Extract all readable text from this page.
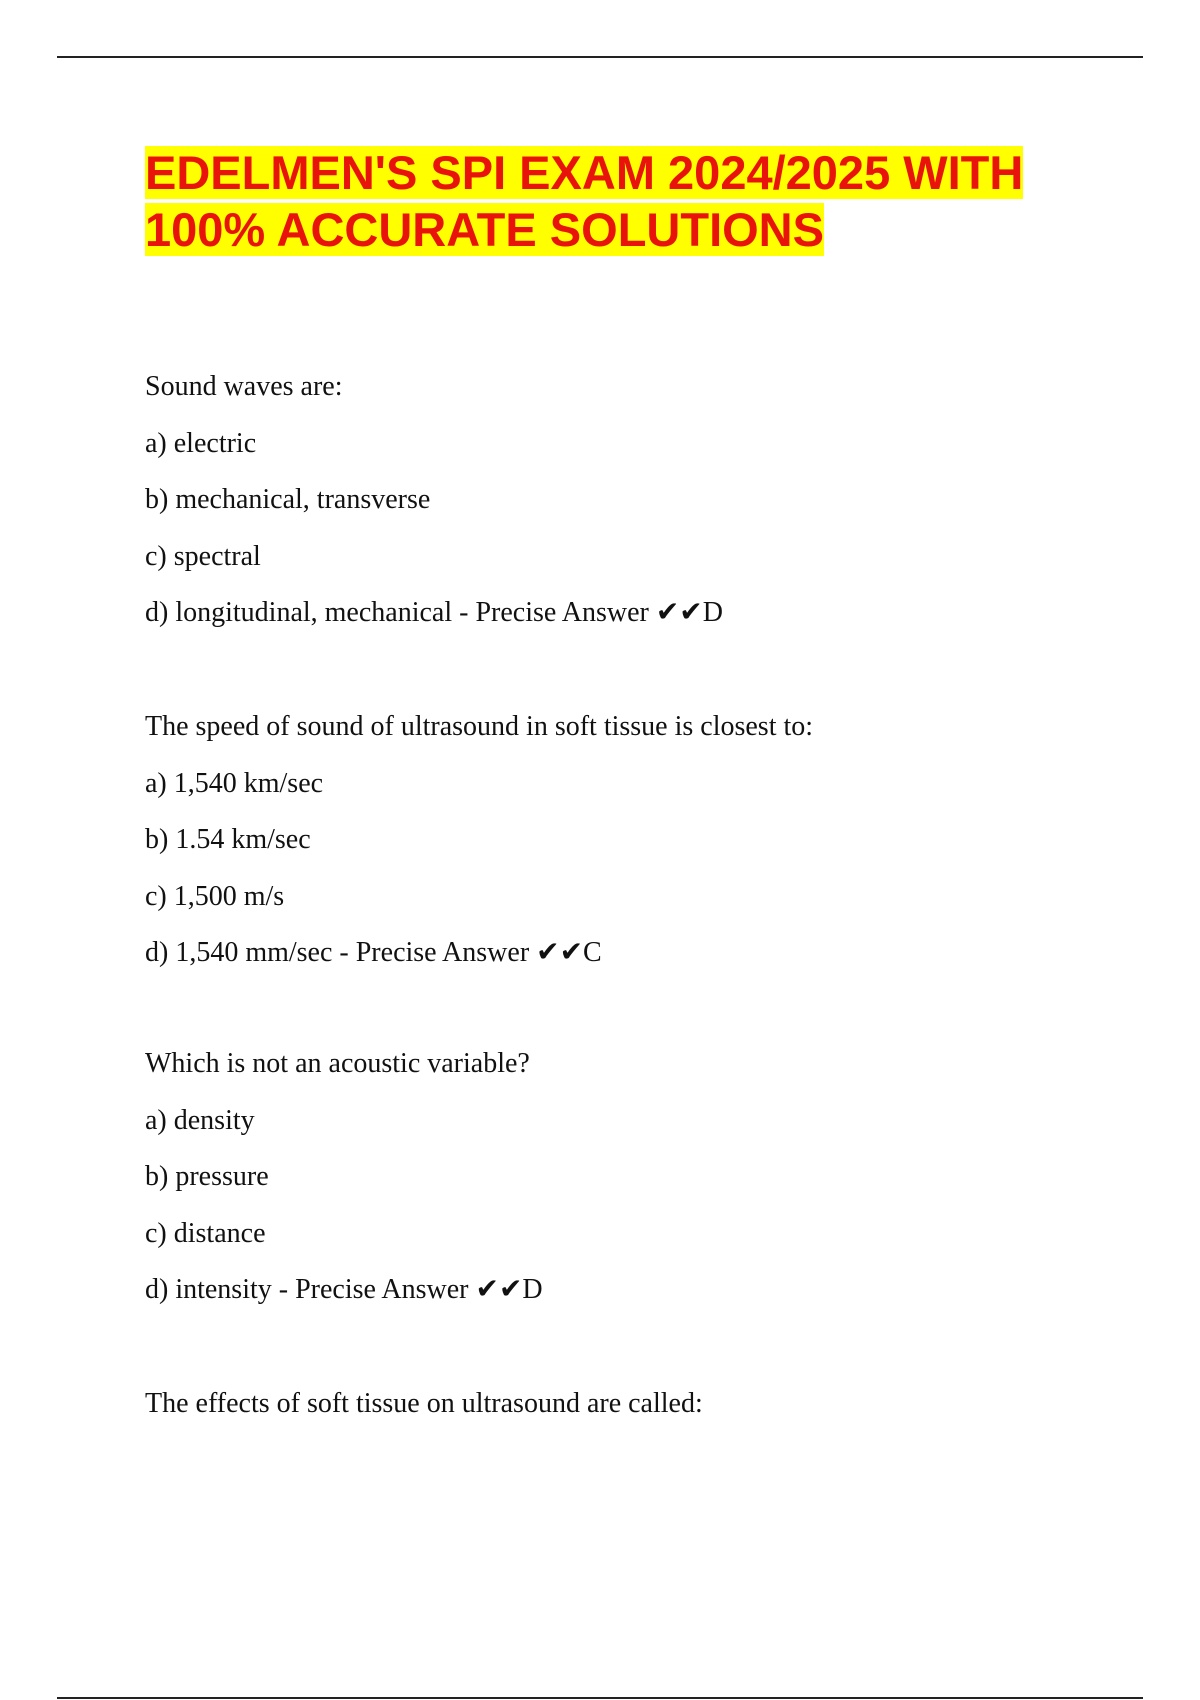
EDELMEN'S SPI EXAM 2024/2025 WITH 100% ACCURATE SOLUTIONS
Sound waves are:
a) electric
b) mechanical, transverse
c) spectral
d) longitudinal, mechanical - Precise Answer ✔✔D
The speed of sound of ultrasound in soft tissue is closest to:
a) 1,540 km/sec
b) 1.54 km/sec
c) 1,500 m/s
d) 1,540 mm/sec - Precise Answer ✔✔C
Which is not an acoustic variable?
a) density
b) pressure
c) distance
d) intensity - Precise Answer ✔✔D
The effects of soft tissue on ultrasound are called:
